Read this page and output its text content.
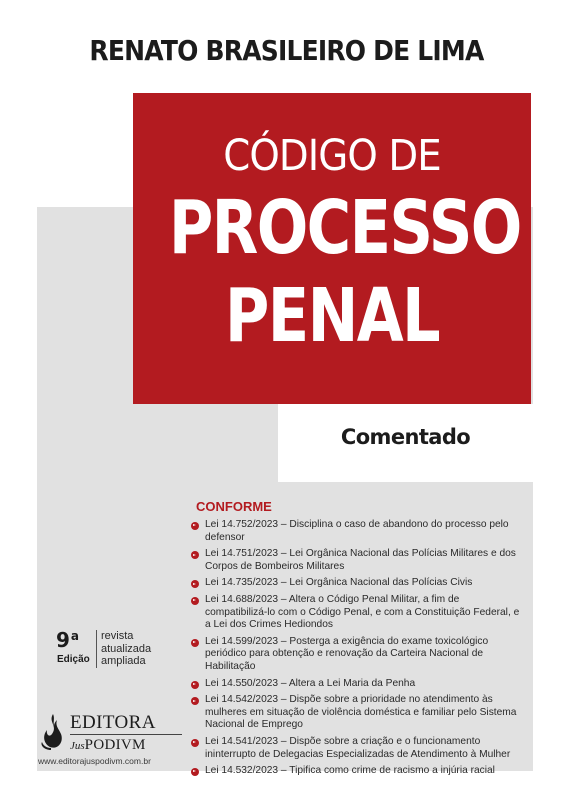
RENATO BRASILEIRO DE LIMA
CÓDIGO DE
PROCESSO
PENAL
Comentado
CONFORME
Lei 14.752/2023 – Disciplina o caso de abandono do processo pelo defensor
Lei 14.751/2023 – Lei Orgânica Nacional das Polícias Militares e dos Corpos de Bombeiros Militares
Lei 14.735/2023 – Lei Orgânica Nacional das Polícias Civis
Lei 14.688/2023 – Altera o Código Penal Militar, a fim de compatibilizá-lo com o Código Penal, e com a Constituição Federal, e a Lei dos Crimes Hediondos
Lei 14.599/2023 – Posterga a exigência do exame toxicológico periódico para obtenção e renovação da Carteira Nacional de Habilitação
Lei 14.550/2023 – Altera a Lei Maria da Penha
Lei 14.542/2023 – Dispõe sobre a prioridade no atendimento às mulheres em situação de violência doméstica e familiar pelo Sistema Nacional de Emprego
Lei 14.541/2023 – Dispõe sobre a criação e o funcionamento ininterrupto de Delegacias Especializadas de Atendimento à Mulher
Lei 14.532/2023 – Tipifica como crime de racismo a injúria racial
9$^a$
Edição
revista
atualizada
ampliada
EDITORA
JusPODIVM
www.editorajuspodivm.com.br
